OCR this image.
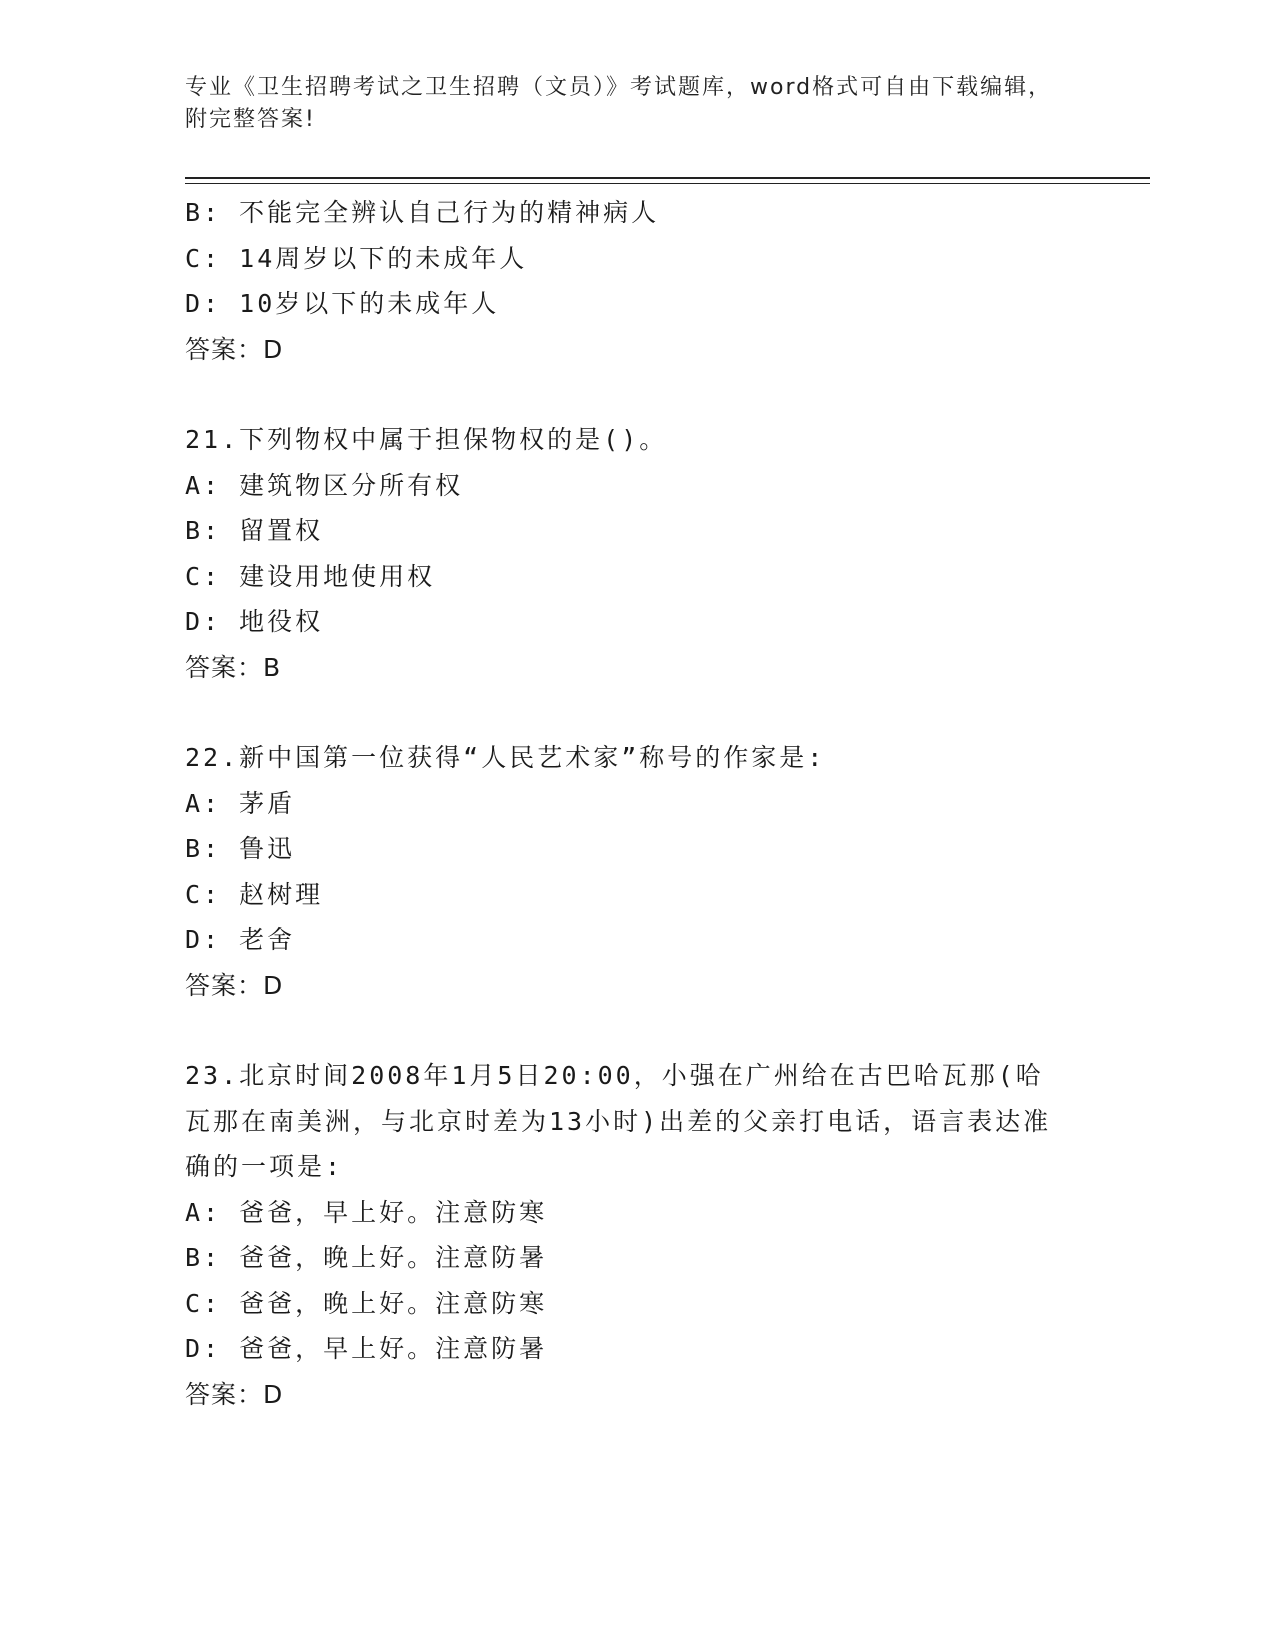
专业《卫生招聘考试之卫生招聘（文员）》考试题库，word格式可自由下载编辑，附完整答案!
B: 不能完全辨认自己行为的精神病人
C: 14周岁以下的未成年人
D: 10岁以下的未成年人
答案：D
21.下列物权中属于担保物权的是()。
A: 建筑物区分所有权
B: 留置权
C: 建设用地使用权
D: 地役权
答案：B
22.新中国第一位获得“人民艺术家”称号的作家是:
A: 茅盾
B: 鲁迅
C: 赵树理
D: 老舍
答案：D
23.北京时间2008年1月5日20:00，小强在广州给在古巴哈瓦那(哈瓦那在南美洲，与北京时差为13小时)出差的父亲打电话，语言表达准确的一项是:
A: 爸爸，早上好。注意防寒
B: 爸爸，晚上好。注意防暑
C: 爸爸，晚上好。注意防寒
D: 爸爸，早上好。注意防暑
答案：D
